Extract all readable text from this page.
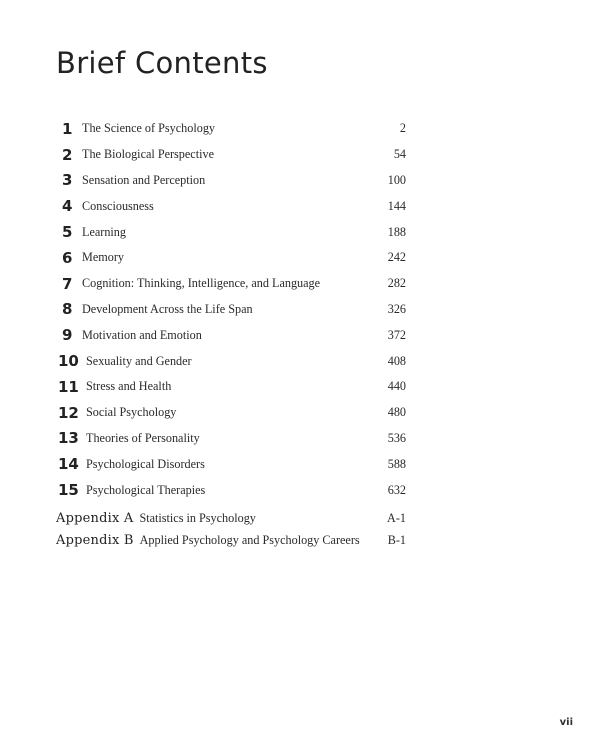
Brief Contents
1 The Science of Psychology	2
2 The Biological Perspective	54
3 Sensation and Perception	100
4 Consciousness	144
5 Learning	188
6 Memory	242
7 Cognition: Thinking, Intelligence, and Language	282
8 Development Across the Life Span	326
9 Motivation and Emotion	372
10 Sexuality and Gender	408
11 Stress and Health	440
12 Social Psychology	480
13 Theories of Personality	536
14 Psychological Disorders	588
15 Psychological Therapies	632
Appendix A Statistics in Psychology	A-1
Appendix B Applied Psychology and Psychology Careers B-1
vii
